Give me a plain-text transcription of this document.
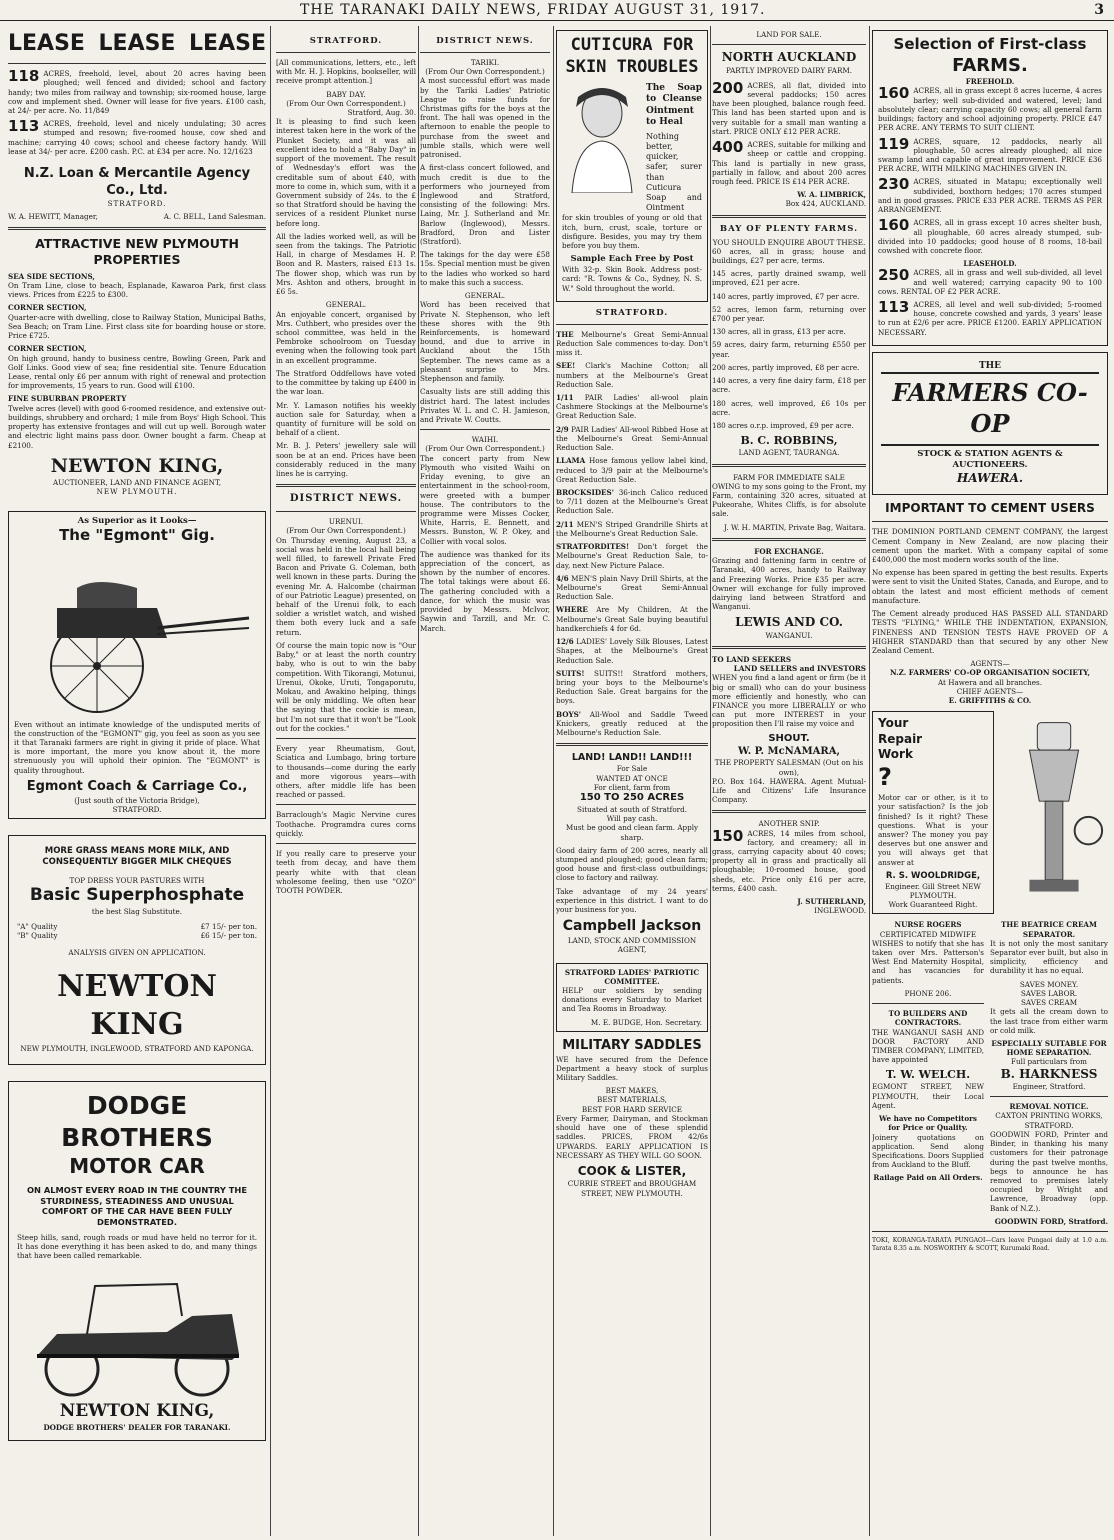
THE TARANAKI DAILY NEWS, FRIDAY AUGUST 31, 1917.	3
LEASE LEASE LEASE

118 ACRES, freehold, level, about 20 acres having been ploughed; well fenced and divided; school and factory handy; two miles from railway and township; six-roomed house, large cow and implement shed. Owner will lease for five years. £100 cash, at 24/- per acre. No. 11/849

113 ACRES, freehold, level and nicely undulating; 30 acres stumped and resown; five-roomed house, cow shed and machine; carrying 40 cows; school and cheese factory handy. Will lease at 34/- per acre. £200 cash. P.C. at £34 per acre. No. 12/1623

N.Z. Loan & Mercantile Agency Co., Ltd.
STRATFORD.
W. A. HEWITT, Manager,	A. C. BELL, Land Salesman.
ATTRACTIVE NEW PLYMOUTH PROPERTIES

SEA SIDE SECTIONS,
On Tram Line, close to beach, Esplanade, Kawaroa Park, first class views. Prices from £225 to £300.

CORNER SECTION,
Quarter-acre with dwelling, close to Railway Station, Municipal Baths, Sea Beach; on Tram Line. First class site for boarding house or store. Price £725.

CORNER SECTION,
On high ground, handy to business centre, Bowling Green, Park and Golf Links. Good view of sea; fine residential site. Tenure Education Lease, rental only £6 per annum with right of renewal and protection for improvements, 15 years to run. Good will £100.

FINE SUBURBAN PROPERTY
Twelve acres (level) with good 6-roomed residence, and extensive out-buildings, shrubbery and orchard; 1 mile from Boys' High School. This property has extensive frontages and will cut up well. Borough water and electric light mains pass door. Owner bought a farm. Cheap at £2100.

NEWTON KING,
AUCTIONEER, LAND AND FINANCE AGENT,
NEW PLYMOUTH.
As Superior as it Looks—
The "Egmont" Gig.

Even without an intimate knowledge of the undisputed merits of the construction of the "EGMONT" gig, you feel as soon as you see it that Taranaki farmers are right in giving it pride of place. What is more important, the more you know about it, the more strenuously you will uphold their opinion. The "EGMONT" is quality throughout.

Egmont Coach & Carriage Co.,
(Just south of the Victoria Bridge),
STRATFORD.
MORE GRASS MEANS MORE MILK, AND CONSEQUENTLY BIGGER MILK CHEQUES
TOP DRESS YOUR PASTURES WITH
Basic Superphosphate
the best Slag Substitute.
"A" Quality	£7 15/- per ton.
"B" Quality	£6 15/- per ton.
ANALYSIS GIVEN ON APPLICATION.
NEWTON KING
NEW PLYMOUTH, INGLEWOOD, STRATFORD AND KAPONGA.
DODGE BROTHERS
MOTOR CAR
ON ALMOST EVERY ROAD IN THE COUNTRY THE STURDINESS, STEADINESS AND UNUSUAL COMFORT OF THE CAR HAVE BEEN FULLY DEMONSTRATED.

Steep hills, sand, rough roads or mud have held no terror for it. It has done everything it has been asked to do, and many things that have been called remarkable.

NEWTON KING,
DODGE BROTHERS' DEALER FOR TARANAKI.
STRATFORD.

[All communications, letters, etc., left with Mr. H. J. Hopkins, bookseller, will receive prompt attention.]

BABY DAY.
(From Our Own Correspondent.)
Stratford, Aug. 30.

It is pleasing to find such keen interest taken here in the work of the Plunket Society, and it was all excellent idea to hold a "Baby Day" in support of the movement. The result of Wednesday's effort was the creditable sum of about £40, with more to come in, which sum, with it a Government subsidy of 24s. to the £ so that Stratford should be having the services of a resident Plunket nurse before long.

All the ladies worked well, as will be seen from the takings. The Patriotic Hall, in charge of Mesdames H. P. Boon and R. Masters, raised £13 1s. The flower shop, which was run by Mrs. Ashton and others, brought in £6 5s.

GENERAL.

An enjoyable concert, organised by Mrs. Cuthbert, who presides over the school committee, was held in the Pembroke schoolroom on Tuesday evening when the following took part in an excellent programme.

The Stratford Oddfellows have voted to the committee by taking up £400 in the war loan.

Mr. Y. Lamason notifies his weekly auction sale for Saturday, when a quantity of furniture will be sold on behalf of a client.

Mr. B. J. Peters' jewellery sale will soon be at an end. Prices have been considerably reduced in the many lines he is carrying.

DISTRICT NEWS.
URENUI.
(From Our Own Correspondent.)

On Thursday evening, August 23, a social was held in the local hall being well filled, to farewell Private Fred Bacon and Private G. Coleman, both well known in these parts. During the evening Mr. A. Halcombe (chairman of our Patriotic League) presented, on behalf of the Urenui folk, to each soldier a wristlet watch, and wished them both every luck and a safe return.

Of course the main topic now is "Our Baby," or at least the north country baby, who is out to win the baby competition. With Tikorangi, Motunui, Urenui, Okoke, Uruti, Tongaporutu, Mokau, and Awakino helping, things will be only middling. We often hear the saying that the cockie is mean, but I'm not sure that it won't be "Look out for the cockies."

Every year Rheumatism, Gout, Sciatica and Lumbago, bring torture to thousands—come during the early and more vigorous years—with others, after middle life has been reached or passed.

Barraclough's Magic Nervine cures Toothache. Programdra cures corns quickly.

If you really care to preserve your teeth from decay, and have them pearly white with that clean wholesome feeling, then use "OZO" TOOTH POWDER.

DISTRICT NEWS.
TARIKI.
(From Our Own Correspondent.)

A most successful effort was made by the Tariki Ladies' Patriotic League to raise funds for Christmas gifts for the boys at the front. The hall was opened in the afternoon to enable the people to purchase from the sweet and jumble stalls, which were well patronised.

A first-class concert followed, and much credit is due to the performers who journeyed from Inglewood and Stratford, consisting of the following: Mrs. Laing, Mr. J. Sutherland and Mr. Barlow (Inglewood), Messrs. Bradford, Dron and Lister (Stratford).

The takings for the day were £58 15s. Special mention must be given to the ladies who worked so hard to make this such a success.

GENERAL.

Word has been received that Private N. Stephenson, who left these shores with the 9th Reinforcements, is homeward bound, and due to arrive in Auckland about the 15th September. The news came as a pleasant surprise to Mrs. Stephenson and family.

Casualty lists are still adding this district hard. The latest includes Privates W. L. and C. H. Jamieson, and Private W. Coutts.

WAIHI.
(From Our Own Correspondent.)

The concert party from New Plymouth who visited Waihi on Friday evening, to give an entertainment in the school-room, were greeted with a bumper house. The contributors to the programme were Misses Cocker, White, Harris, E. Bennett, and Messrs. Bunston, W. P. Okey, and Collier with vocal solos.

The audience was thanked for its appreciation of the concert, as shown by the number of encores. The total takings were about £6. The gathering concluded with a dance, for which the music was provided by Messrs. McIvor, Saywin and Tarzill, and Mr. C. March.

CUTICURA FOR
SKIN TROUBLES
The Soap to Cleanse Ointment to Heal
Nothing better, quicker, safer, surer than Cuticura Soap and Ointment

for skin troubles of young or old that itch, burn, crust, scale, torture or disfigure. Besides, you may try them before you buy them.

Sample Each Free by Post

With 32-p. Skin Book. Address post-card: "R. Towns & Co., Sydney, N. S. W." Sold throughout the world.

STRATFORD.

THE Melbourne's Great Semi-Annual Reduction Sale commences to-day. Don't miss it.

SEE! Clark's Machine Cotton; all numbers at the Melbourne's Great Reduction Sale.

1/11 PAIR Ladies' all-wool plain Cashmere Stockings at the Melbourne's Great Reduction Sale.

2/9 PAIR Ladies' All-wool Ribbed Hose at the Melbourne's Great Semi-Annual Reduction Sale.

LLAMA Hose famous yellow label kind, reduced to 3/9 pair at the Melbourne's Great Reduction Sale.

BROCKSIDES' 36-inch Calico reduced to 7/11 dozen at the Melbourne's Great Reduction Sale.

2/11 MEN'S Striped Grandrille Shirts at the Melbourne's Great Reduction Sale.

STRATFORDITES! Don't forget the Melbourne's Great Reduction Sale, to-day, next New Picture Palace.

4/6 MEN'S plain Navy Drill Shirts, at the Melbourne's Great Semi-Annual Reduction Sale.

WHERE Are My Children, At the Melbourne's Great Sale buying beautiful handkerchiefs 4 for 6d.

12/6 LADIES' Lovely Silk Blouses, Latest Shapes, at the Melbourne's Great Reduction Sale.

SUITS! SUITS!! Stratford mothers, bring your boys to the Melbourne's Reduction Sale. Great bargains for the boys.

BOYS' All-Wool and Saddle Tweed Knickers, greatly reduced at the Melbourne's Reduction Sale.

LAND! LAND!! LAND!!!
For Sale
WANTED AT ONCE
For client, farm from
150 TO 250 ACRES
Situated at south of Stratford.
Will pay cash.

Must be good and clean farm. Apply sharp.

Good dairy farm of 200 acres, nearly all stumped and ploughed; good clean farm; good house and first-class outbuildings; close to factory and railway.

Take advantage of my 24 years' experience in this district. I want to do your business for you.

Campbell Jackson
LAND, STOCK AND COMMISSION AGENT,
STRATFORD LADIES' PATRIOTIC COMMITTEE.

HELP our soldiers by sending donations every Saturday to Market and Tea Rooms in Broadway.

M. E. BUDGE, Hon. Secretary.
MILITARY SADDLES

WE have secured from the Defence Department a heavy stock of surplus Military Saddles.

BEST MAKES,
BEST MATERIALS,
BEST FOR HARD SERVICE

Every Farmer, Dairyman, and Stockman should have one of these splendid saddles. PRICES, FROM 42/6s UPWARDS. EARLY APPLICATION IS NECESSARY AS THEY WILL GO SOON.

COOK & LISTER,
CURRIE STREET and BROUGHAM STREET, NEW PLYMOUTH.
LAND FOR SALE.
NORTH AUCKLAND
PARTLY IMPROVED DAIRY FARM.

200 ACRES, all flat, divided into several paddocks; 150 acres have been ploughed, balance rough feed. This land has been started upon and is very suitable for a small man wanting a start. PRICE ONLY £12 PER ACRE.

400 ACRES, suitable for milking and sheep or cattle and cropping. This land is partially in new grass, partially in fallow, and about 200 acres rough feed. PRICE IS £14 PER ACRE.

W. A. LIMBRICK,
Box 424, AUCKLAND.
BAY OF PLENTY FARMS.
YOU SHOULD ENQUIRE ABOUT THESE.

60 acres, all in grass; house and buildings, £27 per acre, terms.

145 acres, partly drained swamp, well improved, £21 per acre.

140 acres, partly improved, £7 per acre.

52 acres, lemon farm, returning over £700 per year.

130 acres, all in grass, £13 per acre.

59 acres, dairy farm, returning £550 per year.

200 acres, partly improved, £8 per acre.

140 acres, a very fine dairy farm, £18 per acre.

180 acres, well improved, £6 10s per acre.

180 acres o.r.p. improved, £9 per acre.

B. C. ROBBINS,
LAND AGENT, TAURANGA.
FARM FOR IMMEDIATE SALE

OWING to my sons going to the Front, my Farm, containing 320 acres, situated at Pukeorahe, Whites Cliffs, is for absolute sale.

J. W. H. MARTIN, Private Bag, Waitara.
FOR EXCHANGE.

Grazing and fattening farm in centre of Taranaki, 400 acres, handy to Railway and Freezing Works. Price £35 per acre. Owner will exchange for fully improved dairying land between Stratford and Wanganui.

LEWIS AND CO.
WANGANUI.
TO LAND SEEKERS
LAND SELLERS and INVESTORS

WHEN you find a land agent or firm (be it big or small) who can do your business more efficiently and honestly, who can FINANCE you more LIBERALLY or who can put more INTEREST in your proposition then I'll raise my voice and

SHOUT.
W. P. McNAMARA,
THE PROPERTY SALESMAN (Out on his own),

P.O. Box 164. HAWERA. Agent Mutual-Life and Citizens' Life Insurance Company.

ANOTHER SNIP.

150 ACRES, 14 miles from school, factory, and creamery; all in grass, carrying capacity about 40 cows; property all in grass and practically all ploughable; 10-roomed house, good sheds, etc. Price only £16 per acre, terms, £400 cash.

J. SUTHERLAND,
INGLEWOOD.
Selection of First-class
FARMS.
FREEHOLD.

160 ACRES, all in grass except 8 acres lucerne, 4 acres barley; well sub-divided and watered, level; land absolutely clear; carrying capacity 60 cows; all general farm buildings; factory and school adjoining property. PRICE £47 PER ACRE. ANY TERMS TO SUIT CLIENT.

119 ACRES, square, 12 paddocks, nearly all ploughable, 50 acres already ploughed; all nice swamp land and capable of great improvement. PRICE £36 PER ACRE, WITH MILKING MACHINES GIVEN IN.

230 ACRES, situated in Matapu; exceptionally well subdivided, boxthorn hedges; 170 acres stumped and in good grasses. PRICE £33 PER ACRE. TERMS AS PER ARRANGEMENT.

160 ACRES, all in grass except 10 acres shelter bush, all ploughable, 60 acres already stumped, sub-divided into 10 paddocks; good house of 8 rooms, 18-bail cowshed with concrete floor.

LEASEHOLD.

250 ACRES, all in grass and well sub-divided, all level and well watered; carrying capacity 90 to 100 cows. RENTAL OF £2 PER ACRE.

113 ACRES, all level and well sub-divided; 5-roomed house, concrete cowshed and yards, 3 years' lease to run at £2/6 per acre. PRICE £1200. EARLY APPLICATION NECESSARY.

THE
FARMERS CO-OP
STOCK & STATION AGENTS & AUCTIONEERS.
HAWERA.
IMPORTANT TO CEMENT USERS

THE DOMINION PORTLAND CEMENT COMPANY, the largest Cement Company in New Zealand, are now placing their cement upon the market. With a company capital of some £400,000 the most modern works south of the line.

No expense has been spared in getting the best results. Experts were sent to visit the United States, Canada, and Europe, and to obtain the latest and most efficient methods of cement manufacture.

The Cement already produced HAS PASSED ALL STANDARD TESTS "FLYING," WHILE THE INDENTATION, EXPANSION, FINENESS AND TENSION TESTS HAVE PROVED OF A HIGHER STANDARD than that secured by any other New Zealand Cement.

AGENTS—
N.Z. FARMERS' CO-OP ORGANISATION SOCIETY,
At Hawera and all branches.
CHIEF AGENTS—
E. GRIFFITHS & CO.
Your
Repair
Work
?

Motor car or other, is it to your satisfaction? Is the job finished? Is it right? These questions. What is your answer? The money you pay deserves but one answer and you will always get that answer at

R. S. WOOLDRIDGE,
Engineer. Gill Street NEW PLYMOUTH.
Work Guaranteed Right.
NURSE ROGERS
CERTIFICATED MIDWIFE

WISHES to notify that she has taken over Mrs. Patterson's West End Maternity Hospital, and has vacancies for patients.

PHONE 206.
TO BUILDERS AND CONTRACTORS.

THE WANGANUI SASH AND DOOR FACTORY AND TIMBER COMPANY, LIMITED, have appointed

T. W. WELCH.

EGMONT STREET, NEW PLYMOUTH, their Local Agent.

We have no Competitors for Price or Quality.

Joinery quotations on application. Send along Specifications. Doors Supplied from Auckland to the Bluff.

Railage Paid on All Orders.
THE BEATRICE CREAM SEPARATOR.

It is not only the most sanitary Separator ever built, but also in simplicity, efficiency and durability it has no equal.

SAVES MONEY.
SAVES LABOR.
SAVES CREAM

It gets all the cream down to the last trace from either warm or cold milk.

ESPECIALLY SUITABLE FOR HOME SEPARATION.
Full particulars from
B. HARKNESS
Engineer, Stratford.
REMOVAL NOTICE.
CAXTON PRINTING WORKS, STRATFORD.

GOODWIN FORD, Printer and Binder, in thanking his many customers for their patronage during the past twelve months, begs to announce he has removed to premises lately occupied by Wright and Lawrence, Broadway (opp. Bank of N.Z.).

GOODWIN FORD, Stratford.

TOKI, KORANGA-TARATA PUNGAOI—Cars leave Pungaoi daily at 1.0 a.m. Tarata 8.35 a.m. NOSWORTHY & SCOTT, Kurumaki Road.
